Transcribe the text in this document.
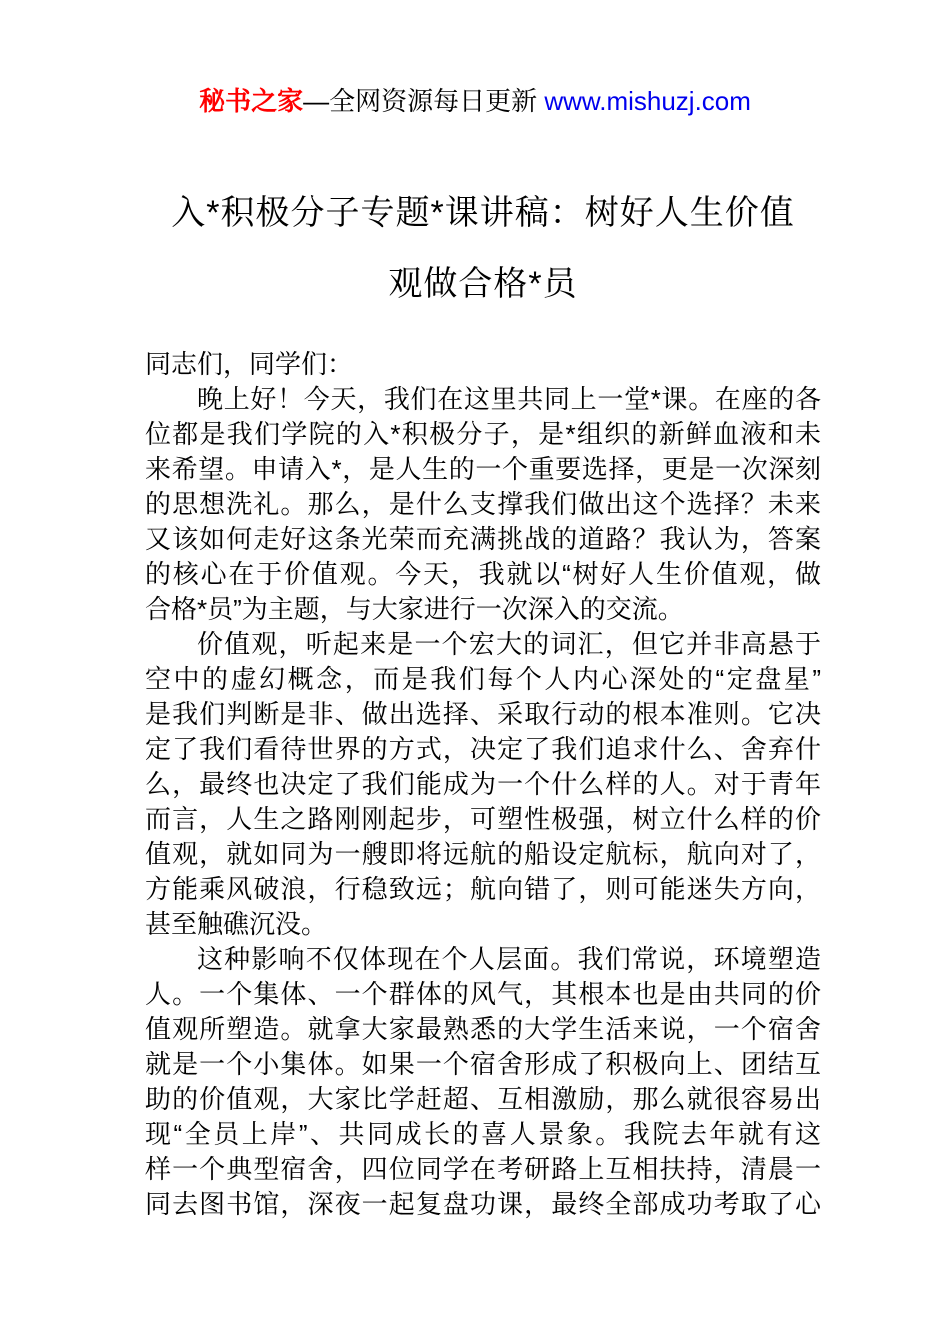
秘书之家—全网资源每日更新 www.mishuzj.com
入*积极分子专题*课讲稿：树好人生价值
观做合格*员
同志们，同学们：
晚上好！今天，我们在这里共同上一堂*课。在座的各
位都是我们学院的入*积极分子，是*组织的新鲜血液和未
来希望。申请入*，是人生的一个重要选择，更是一次深刻
的思想洗礼。那么，是什么支撑我们做出这个选择？未来
又该如何走好这条光荣而充满挑战的道路？我认为，答案
的核心在于价值观。今天，我就以“树好人生价值观，做
合格*员”为主题，与大家进行一次深入的交流。
价值观，听起来是一个宏大的词汇，但它并非高悬于
空中的虚幻概念，而是我们每个人内心深处的“定盘星”
是我们判断是非、做出选择、采取行动的根本准则。它决
定了我们看待世界的方式，决定了我们追求什么、舍弃什
么，最终也决定了我们能成为一个什么样的人。对于青年
而言，人生之路刚刚起步，可塑性极强，树立什么样的价
值观，就如同为一艘即将远航的船设定航标，航向对了，
方能乘风破浪，行稳致远；航向错了，则可能迷失方向，
甚至触礁沉没。
这种影响不仅体现在个人层面。我们常说，环境塑造
人。一个集体、一个群体的风气，其根本也是由共同的价
值观所塑造。就拿大家最熟悉的大学生活来说，一个宿舍
就是一个小集体。如果一个宿舍形成了积极向上、团结互
助的价值观，大家比学赶超、互相激励，那么就很容易出
现“全员上岸”、共同成长的喜人景象。我院去年就有这
样一个典型宿舍，四位同学在考研路上互相扶持，清晨一
同去图书馆，深夜一起复盘功课，最终全部成功考取了心
